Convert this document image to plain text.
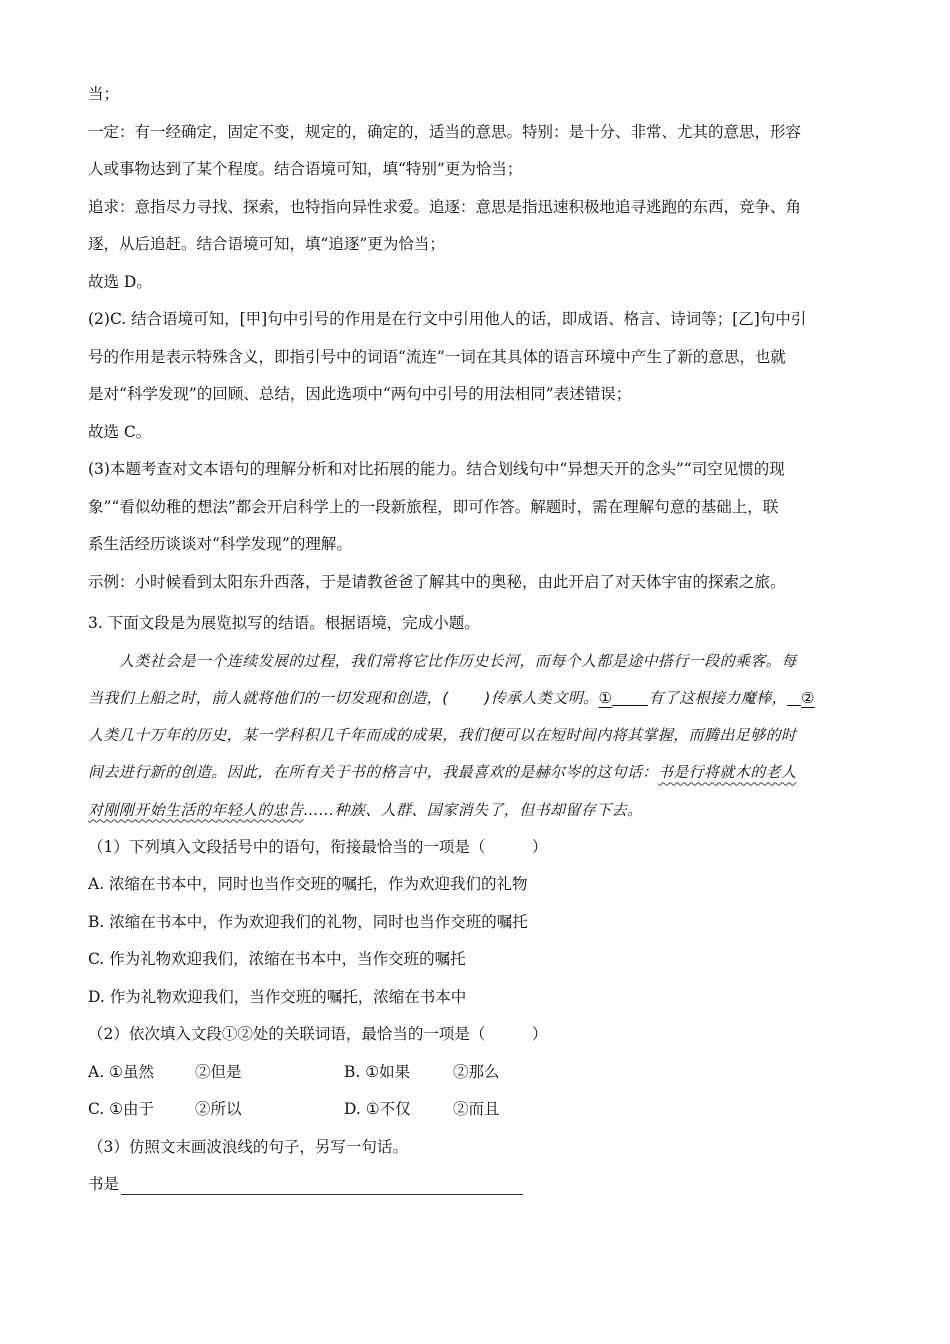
当；
一定：有一经确定，固定不变，规定的，确定的，适当的意思。特别：是十分、非常、尤其的意思，形容
人或事物达到了某个程度。结合语境可知，填“特别”更为恰当；
追求：意指尽力寻找、探索，也特指向异性求爱。追逐：意思是指迅速积极地追寻逃跑的东西，竞争、角
逐，从后追赶。结合语境可知，填“追逐”更为恰当；
故选 D。
(2)C. 结合语境可知，[甲]句中引号的作用是在行文中引用他人的话，即成语、格言、诗词等；[乙]句中引
号的作用是表示特殊含义，即指引号中的词语“流连”一词在其具体的语言环境中产生了新的意思，也就
是对“科学发现”的回顾、总结，因此选项中“两句中引号的用法相同”表述错误；
故选 C。
(3)本题考查对文本语句的理解分析和对比拓展的能力。结合划线句中“异想天开的念头”“司空见惯的现
象”“看似幼稚的想法”都会开启科学上的一段新旅程，即可作答。解题时，需在理解句意的基础上，联
系生活经历谈谈对“科学发现”的理解。
示例：小时候看到太阳东升西落，于是请教爸爸了解其中的奥秘，由此开启了对天体宇宙的探索之旅。
3. 下面文段是为展览拟写的结语。根据语境，完成小题。
人类社会是一个连续发展的过程，我们常将它比作历史长河，而每个人都是途中搭行一段的乘客。每
当我们上船之时，前人就将他们的一切发现和创造，( )传承人类文明。① 有了这根接力魔棒， ②
人类几十万年的历史，某一学科积几千年而成的成果，我们便可以在短时间内将其掌握，而腾出足够的时
间去进行新的创造。因此，在所有关于书的格言中，我最喜欢的是赫尔岑的这句话：书是行将就木的老人
对刚刚开始生活的年轻人的忠告……种族、人群、国家消失了，但书却留存下去。
（1）下列填入文段括号中的语句，衔接最恰当的一项是（　　　）
A. 浓缩在书本中，同时也当作交班的嘱托，作为欢迎我们的礼物
B. 浓缩在书本中，作为欢迎我们的礼物，同时也当作交班的嘱托
C. 作为礼物欢迎我们，浓缩在书本中，当作交班的嘱托
D. 作为礼物欢迎我们，当作交班的嘱托，浓缩在书本中
（2）依次填入文段①②处的关联词语，最恰当的一项是（　　　）
A. ①虽然	②但是	B. ①如果	②那么
C. ①由于	②所以	D. ①不仅	②而且
（3）仿照文末画波浪线的句子，另写一句话。
书是
